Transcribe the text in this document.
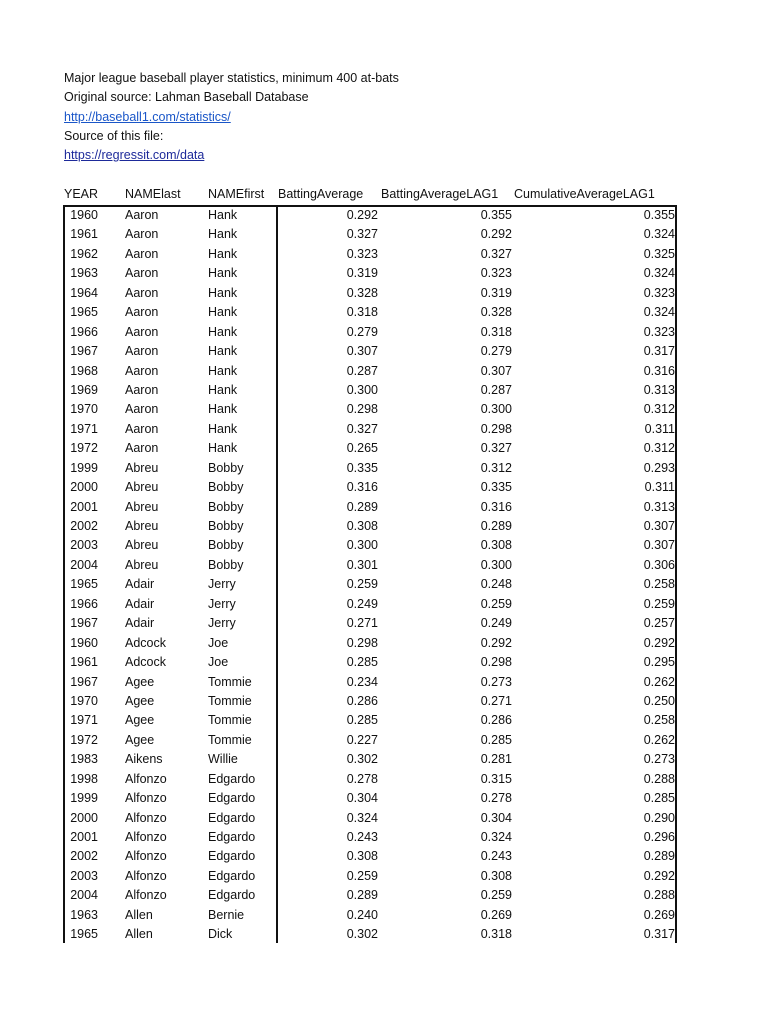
Major league baseball player statistics, minimum 400 at-bats
Original source: Lahman Baseball Database
http://baseball1.com/statistics/
Source of this file:
https://regressit.com/data
YEAR NAMElast NAMEfirst BattingAverage BattingAverageLAG1 CumulativeAverageLAG1
1960 Aaron	Hank	0.292	0.355	0.355
1961 Aaron	Hank	0.327	0.292	0.324
1962 Aaron	Hank	0.323	0.327	0.325
1963 Aaron	Hank	0.319	0.323	0.324
1964 Aaron	Hank	0.328	0.319	0.323
1965 Aaron	Hank	0.318	0.328	0.324
1966 Aaron	Hank	0.279	0.318	0.323
1967 Aaron	Hank	0.307	0.279	0.317
1968 Aaron	Hank	0.287	0.307	0.316
1969 Aaron	Hank	0.300	0.287	0.313
1970 Aaron	Hank	0.298	0.300	0.312
1971 Aaron	Hank	0.327	0.298	0.311
1972 Aaron	Hank	0.265	0.327	0.312
1999 Abreu	Bobby	0.335	0.312	0.293
2000 Abreu	Bobby	0.316	0.335	0.311
2001 Abreu	Bobby	0.289	0.316	0.313
2002 Abreu	Bobby	0.308	0.289	0.307
2003 Abreu	Bobby	0.300	0.308	0.307
2004 Abreu	Bobby	0.301	0.300	0.306
1965 Adair	Jerry	0.259	0.248	0.258
1966 Adair	Jerry	0.249	0.259	0.259
1967 Adair	Jerry	0.271	0.249	0.257
1960 Adcock	Joe	0.298	0.292	0.292
1961 Adcock	Joe	0.285	0.298	0.295
1967 Agee	Tommie	0.234	0.273	0.262
1970 Agee	Tommie	0.286	0.271	0.250
1971 Agee	Tommie	0.285	0.286	0.258
1972 Agee	Tommie	0.227	0.285	0.262
1983 Aikens	Willie	0.302	0.281	0.273
1998 Alfonzo	Edgardo	0.278	0.315	0.288
1999 Alfonzo	Edgardo	0.304	0.278	0.285
2000 Alfonzo	Edgardo	0.324	0.304	0.290
2001 Alfonzo	Edgardo	0.243	0.324	0.296
2002 Alfonzo	Edgardo	0.308	0.243	0.289
2003 Alfonzo	Edgardo	0.259	0.308	0.292
2004 Alfonzo	Edgardo	0.289	0.259	0.288
1963 Allen	Bernie	0.240	0.269	0.269
1965 Allen	Dick	0.302	0.318	0.317
